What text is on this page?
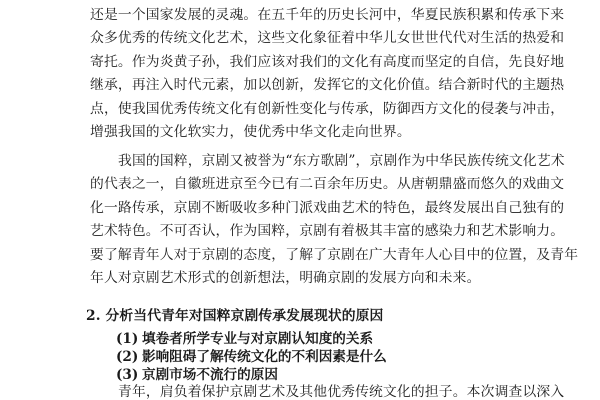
还是一个国家发展的灵魂。在五千年的历史长河中，华夏民族积累和传承下来

众多优秀的传统文化艺术，这些文化象征着中华儿女世世代代对生活的热爱和

寄托。作为炎黄子孙，我们应该对我们的文化有高度而坚定的自信，先良好地

继承，再注入时代元素，加以创新，发挥它的文化价值。结合新时代的主题热

点，使我国优秀传统文化有创新性变化与传承，防御西方文化的侵袭与冲击，

增强我国的文化软实力，使优秀中华文化走向世界。

我国的国粹，京剧又被誉为“东方歌剧”，京剧作为中华民族传统文化艺术

的代表之一，自徽班进京至今已有二百余年历史。从唐朝鼎盛而悠久的戏曲文

化一路传承，京剧不断吸收多种门派戏曲艺术的特色，最终发展出自己独有的

艺术特色。不可否认，作为国粹，京剧有着极其丰富的感染力和艺术影响力。

要了解青年人对于京剧的态度，了解了京剧在广大青年人心目中的位置，及青年

年人对京剧艺术形式的创新想法，明确京剧的发展方向和未来。

2. 分析当代青年对国粹京剧传承发展现状的原因
(1) 填卷者所学专业与对京剧认知度的关系
(2) 影响阻碍了解传统文化的不利因素是什么
(3) 京剧市场不流行的原因
青年，肩负着保护京剧艺术及其他优秀传统文化的担子。本次调查以深入
